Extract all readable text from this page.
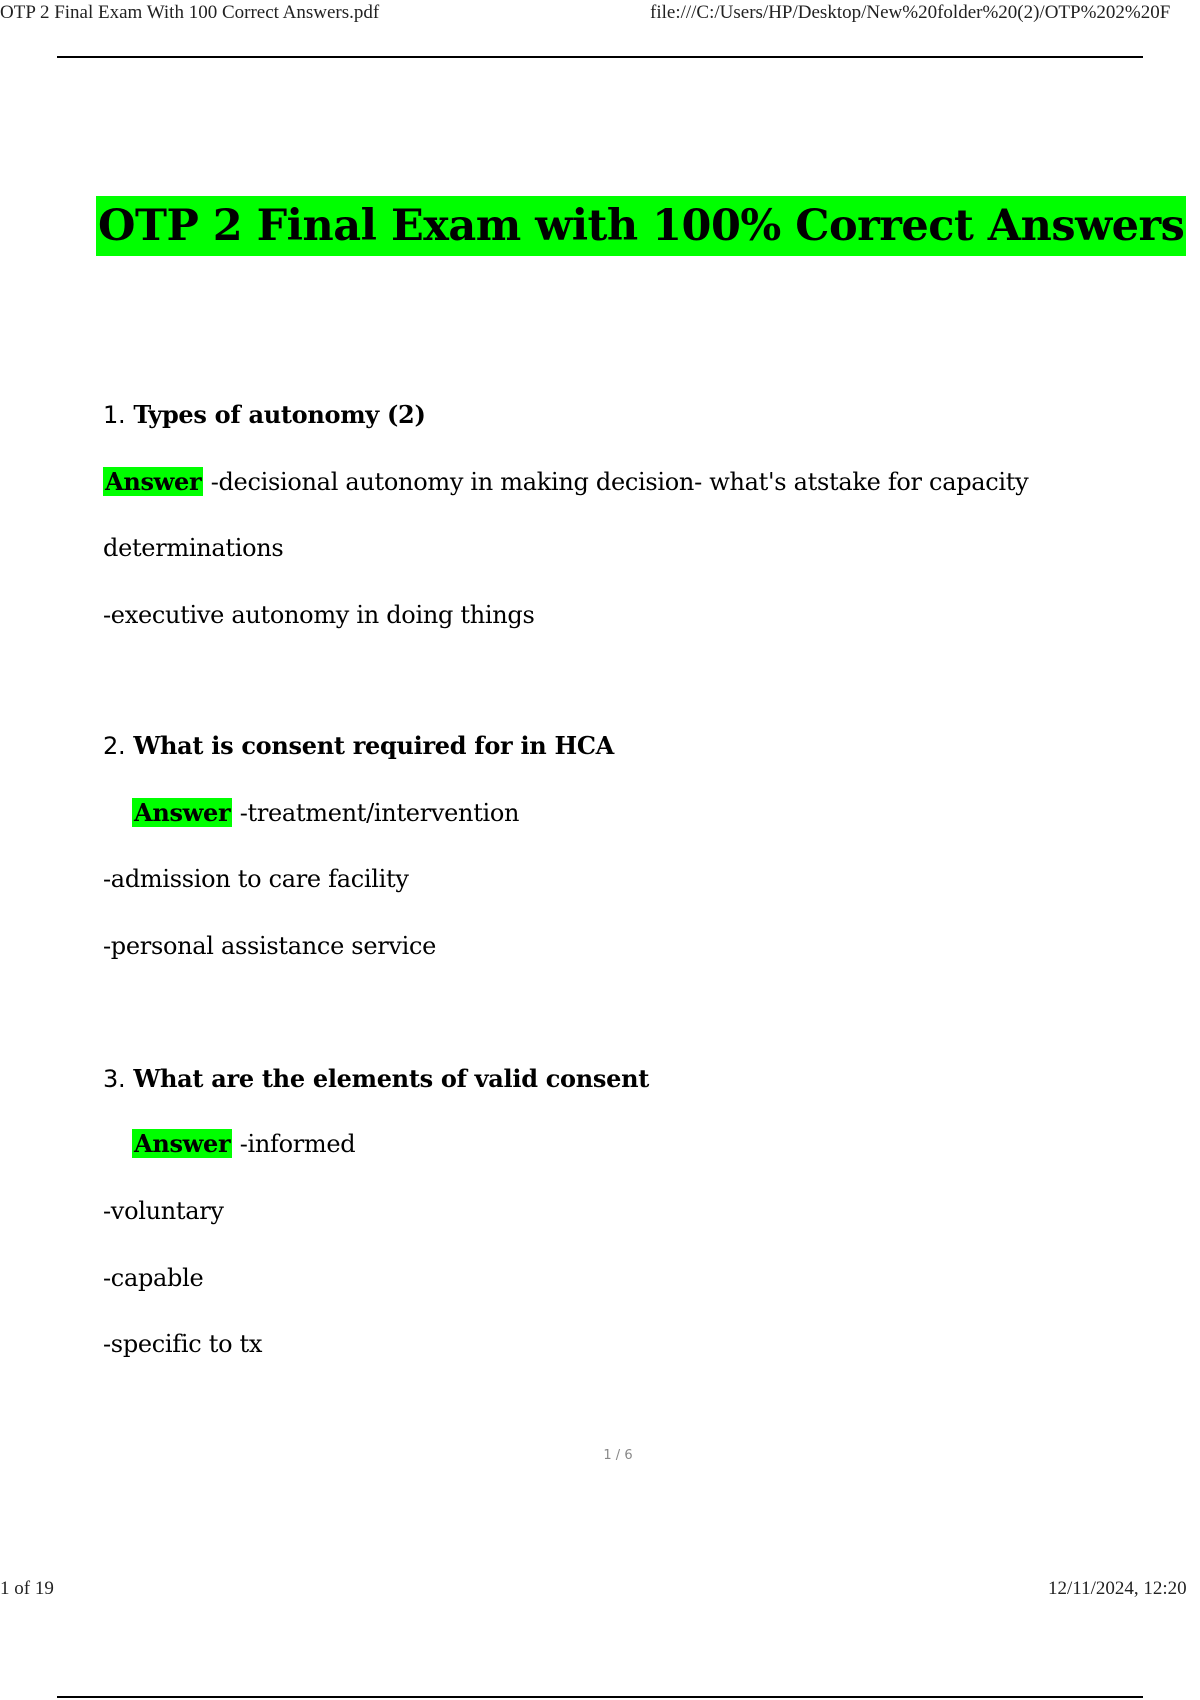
OTP 2 Final Exam With 100 Correct Answers.pdf	file:///C:/Users/HP/Desktop/New%20folder%20(2)/OTP%202%20F
OTP 2 Final Exam with 100% Correct Answers
1. Types of autonomy (2)
Answer -decisional autonomy in making decision- what's atstake for capacity
determinations
-executive autonomy in doing things
2. What is consent required for in HCA
Answer -treatment/intervention
-admission to care facility
-personal assistance service
3. What are the elements of valid consent
Answer -informed
-voluntary
-capable
-specific to tx
1 / 6
1 of 19	12/11/2024, 12:20
